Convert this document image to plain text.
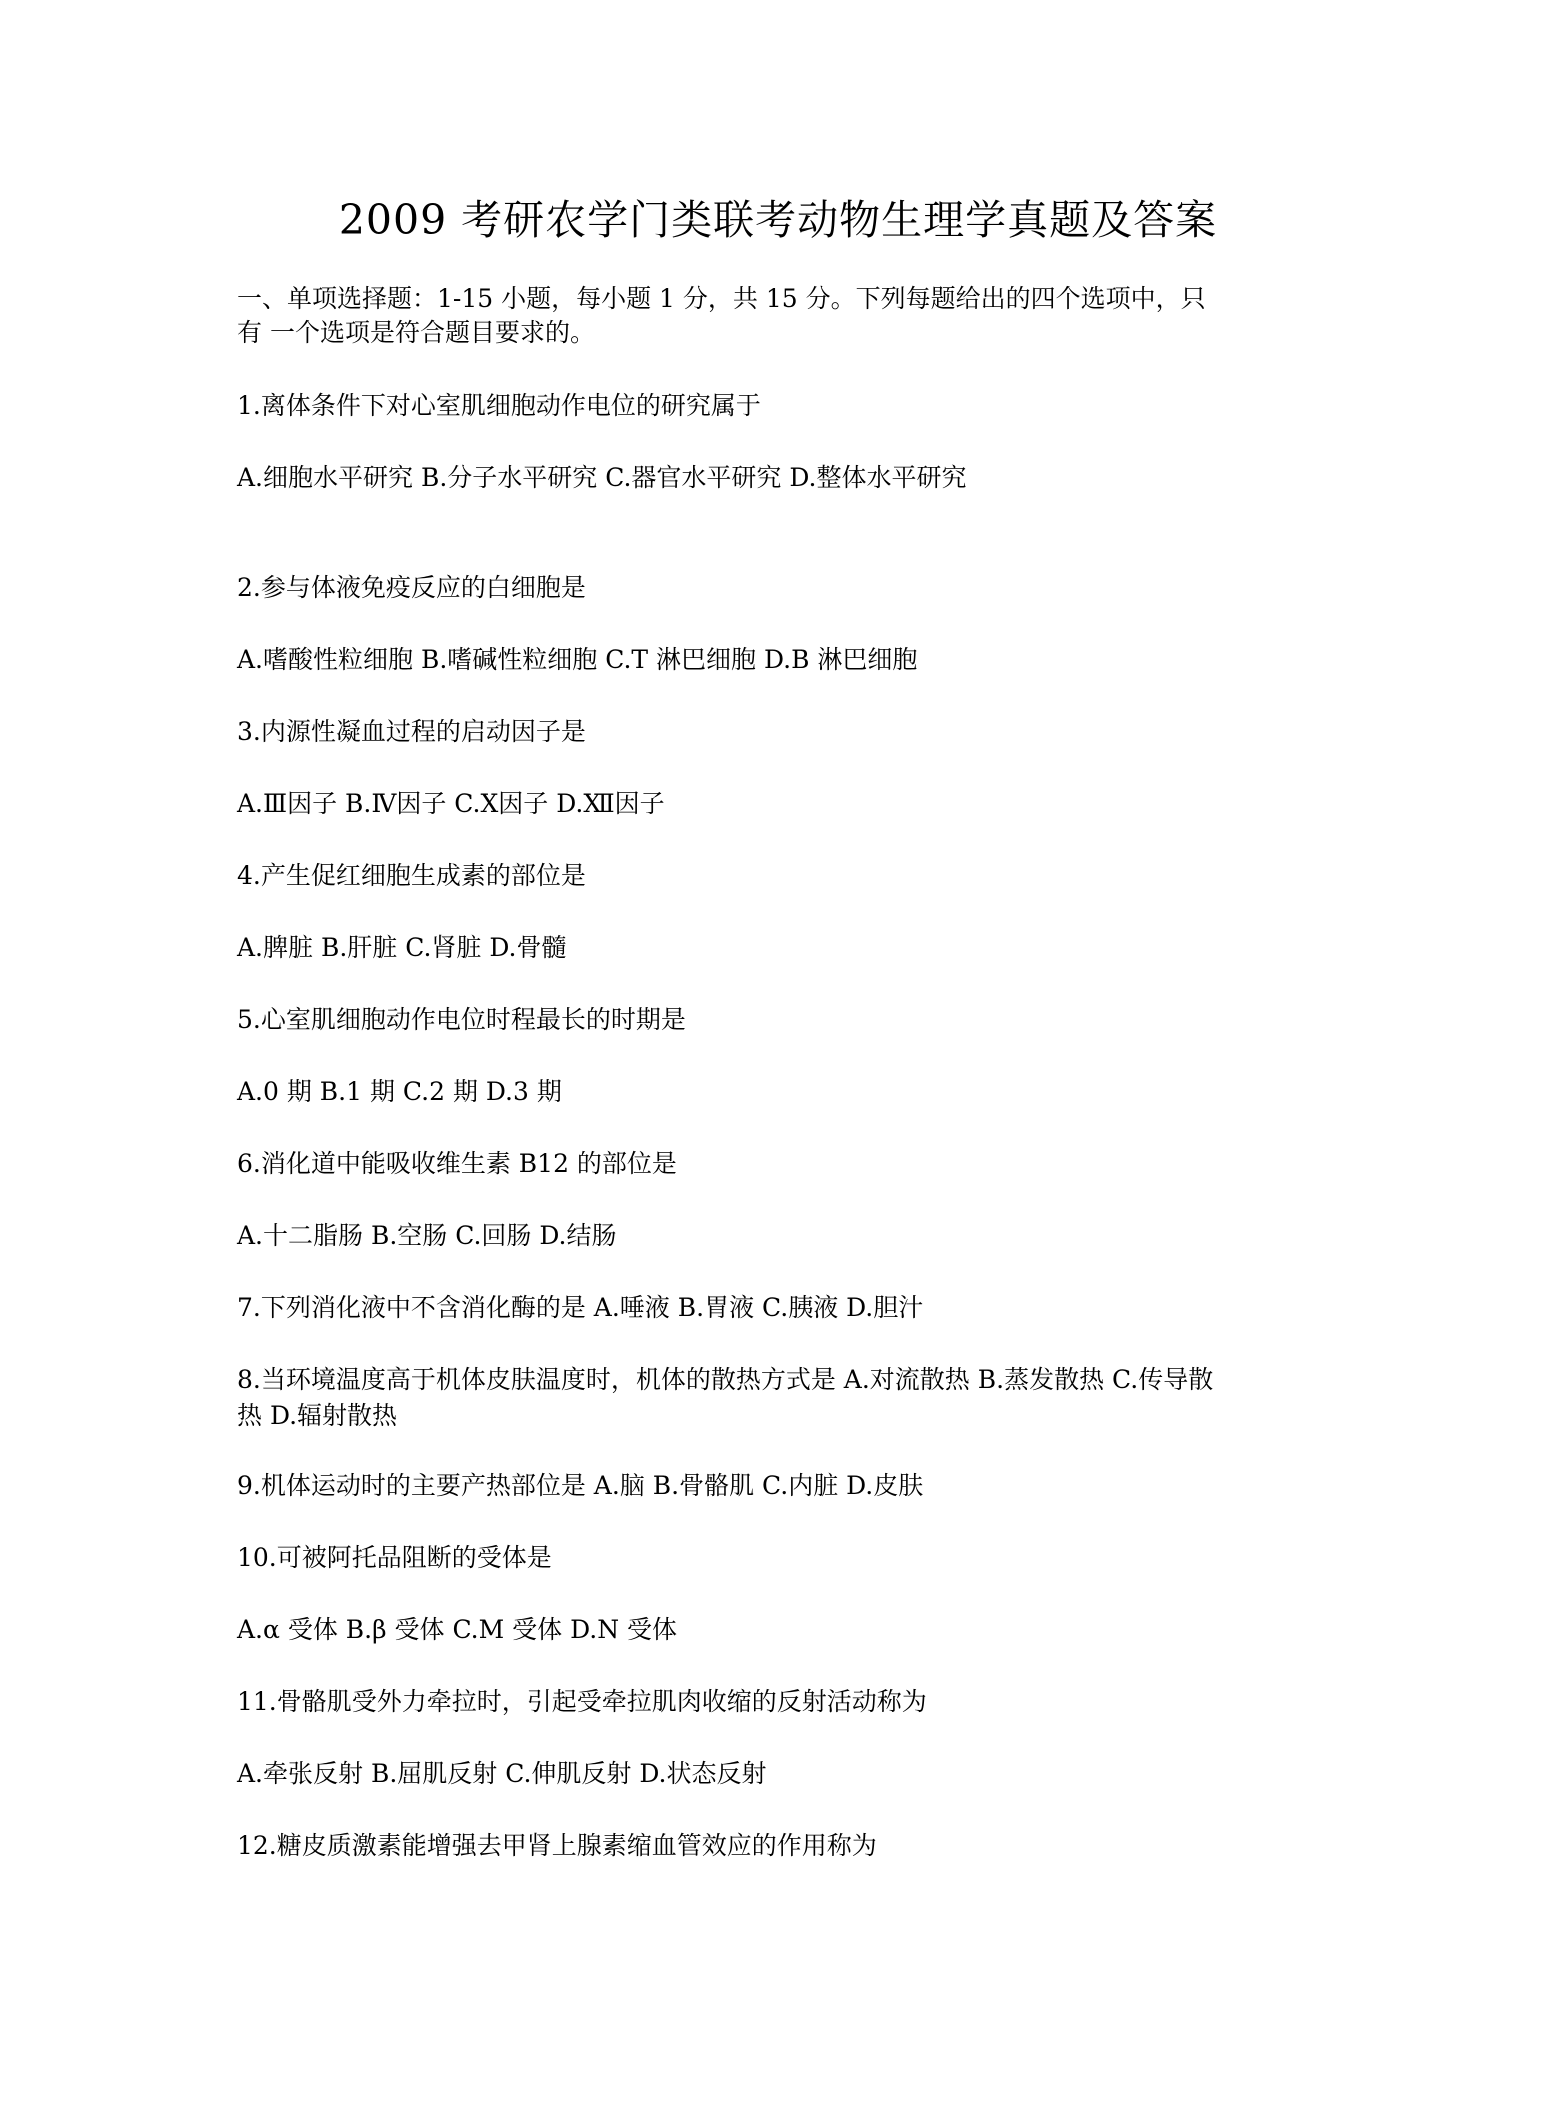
2009 考研农学门类联考动物生理学真题及答案
一、单项选择题：1-15 小题，每小题 1 分，共 15 分。下列每题给出的四个选项中，只
有 一个选项是符合题目要求的。
1.离体条件下对心室肌细胞动作电位的研究属于
A.细胞水平研究 B.分子水平研究 C.器官水平研究 D.整体水平研究
2.参与体液免疫反应的白细胞是
A.嗜酸性粒细胞 B.嗜碱性粒细胞 C.T 淋巴细胞 D.B 淋巴细胞
3.内源性凝血过程的启动因子是
A.Ⅲ因子 B.Ⅳ因子 C.Ⅹ因子 D.Ⅻ因子
4.产生促红细胞生成素的部位是
A.脾脏 B.肝脏 C.肾脏 D.骨髓
5.心室肌细胞动作电位时程最长的时期是
A.0 期 B.1 期 C.2 期 D.3 期
6.消化道中能吸收维生素 B12 的部位是
A.十二脂肠 B.空肠 C.回肠 D.结肠
7.下列消化液中不含消化酶的是 A.唾液 B.胃液 C.胰液 D.胆汁
8.当环境温度高于机体皮肤温度时，机体的散热方式是 A.对流散热 B.蒸发散热 C.传导散
热 D.辐射散热
9.机体运动时的主要产热部位是 A.脑 B.骨骼肌 C.内脏 D.皮肤
10.可被阿托品阻断的受体是
A.α 受体 B.β 受体 C.M 受体 D.N 受体
11.骨骼肌受外力牵拉时，引起受牵拉肌肉收缩的反射活动称为
A.牵张反射 B.屈肌反射 C.伸肌反射 D.状态反射
12.糖皮质激素能增强去甲肾上腺素缩血管效应的作用称为
